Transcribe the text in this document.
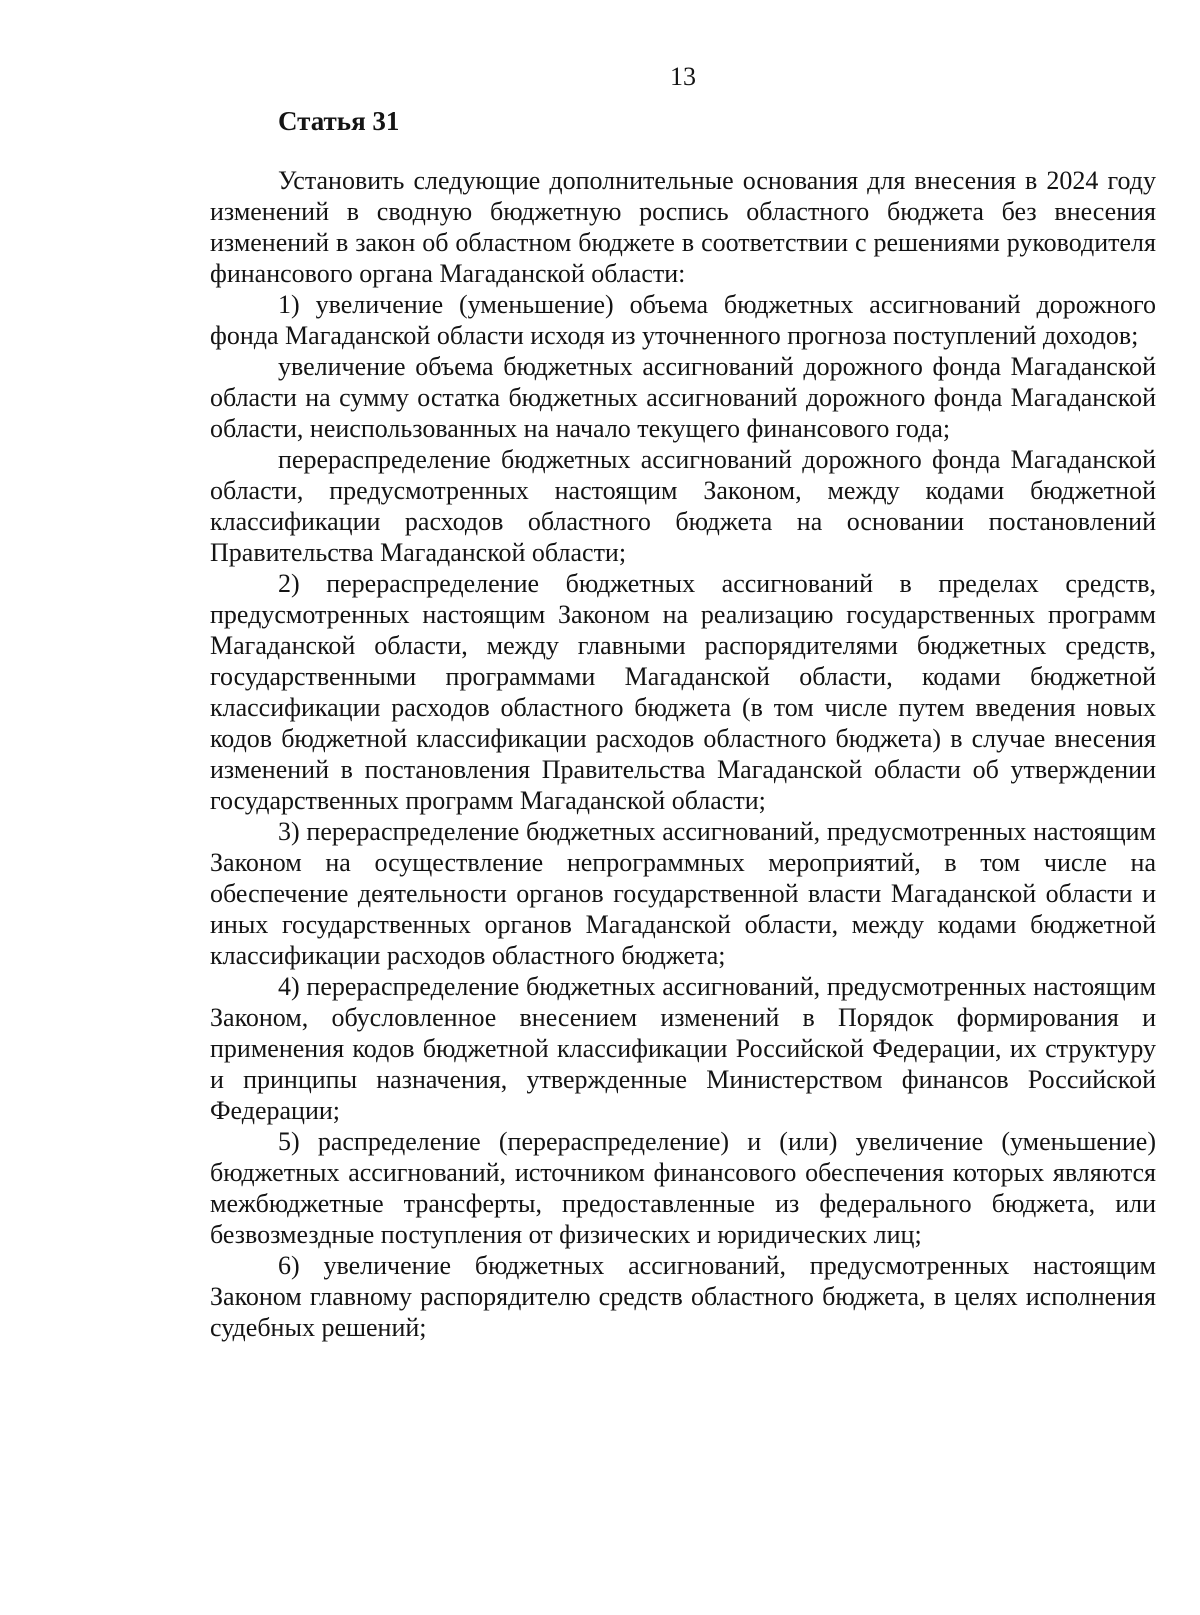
13
Статья 31

Установить следующие дополнительные основания для внесения в 2024 году изменений в сводную бюджетную роспись областного бюджета без внесения изменений в закон об областном бюджете в соответствии с решениями руководителя финансового органа Магаданской области:

1) увеличение (уменьшение) объема бюджетных ассигнований дорожного фонда Магаданской области исходя из уточненного прогноза поступлений доходов;

увеличение объема бюджетных ассигнований дорожного фонда Магаданской области на сумму остатка бюджетных ассигнований дорожного фонда Магаданской области, неиспользованных на начало текущего финансового года;

перераспределение бюджетных ассигнований дорожного фонда Магаданской области, предусмотренных настоящим Законом, между кодами бюджетной классификации расходов областного бюджета на основании постановлений Правительства Магаданской области;

2) перераспределение бюджетных ассигнований в пределах средств, предусмотренных настоящим Законом на реализацию государственных программ Магаданской области, между главными распорядителями бюджетных средств, государственными программами Магаданской области, кодами бюджетной классификации расходов областного бюджета (в том числе путем введения новых кодов бюджетной классификации расходов областного бюджета) в случае внесения изменений в постановления Правительства Магаданской области об утверждении государственных программ Магаданской области;

3) перераспределение бюджетных ассигнований, предусмотренных настоящим Законом на осуществление непрограммных мероприятий, в том числе на обеспечение деятельности органов государственной власти Магаданской области и иных государственных органов Магаданской области, между кодами бюджетной классификации расходов областного бюджета;

4) перераспределение бюджетных ассигнований, предусмотренных настоящим Законом, обусловленное внесением изменений в Порядок формирования и применения кодов бюджетной классификации Российской Федерации, их структуру и принципы назначения, утвержденные Министерством финансов Российской Федерации;

5) распределение (перераспределение) и (или) увеличение (уменьшение) бюджетных ассигнований, источником финансового обеспечения которых являются межбюджетные трансферты, предоставленные из федерального бюджета, или безвозмездные поступления от физических и юридических лиц;

6) увеличение бюджетных ассигнований, предусмотренных настоящим Законом главному распорядителю средств областного бюджета, в целях исполнения судебных решений;
